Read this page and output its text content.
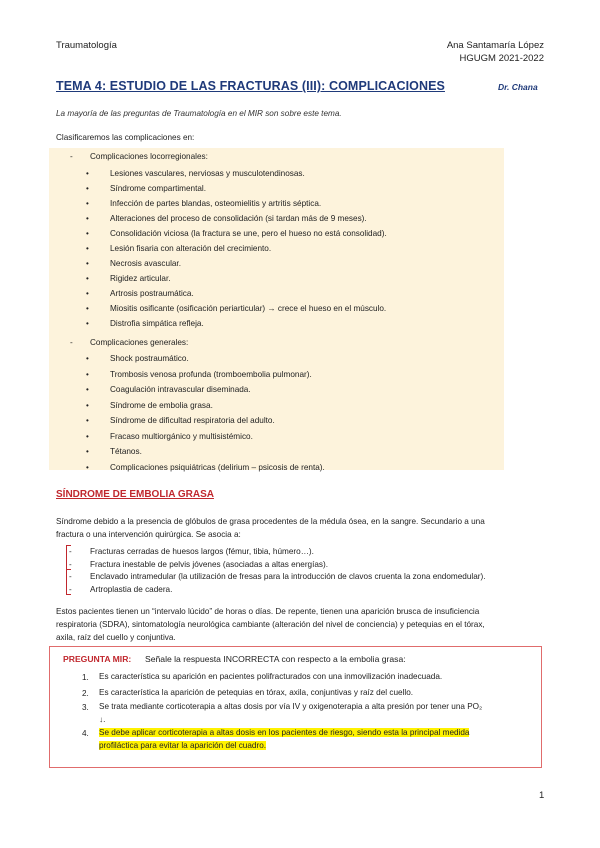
Traumatología	Ana Santamaría López
HGUGM 2021-2022
TEMA 4: ESTUDIO DE LAS FRACTURAS (III): COMPLICACIONES	Dr. Chana
La mayoría de las preguntas de Traumatología en el MIR son sobre este tema.
Clasificaremos las complicaciones en:
- Complicaciones locorregionales:
•	Lesiones vasculares, nerviosas y musculotendinosas.
•	Síndrome compartimental.
•	Infección de partes blandas, osteomielitis y artritis séptica.
•	Alteraciones del proceso de consolidación (si tardan más de 9 meses).
•	Consolidación viciosa (la fractura se une, pero el hueso no está consolidad).
•	Lesión fisaria con alteración del crecimiento.
•	Necrosis avascular.
•	Rigidez articular.
•	Artrosis postraumática.
•	Miositis osificante (osificación periarticular) → crece el hueso en el músculo.
•	Distrofia simpática refleja.
- Complicaciones generales:
•	Shock postraumático.
•	Trombosis venosa profunda (tromboembolia pulmonar).
•	Coagulación intravascular diseminada.
•	Síndrome de embolia grasa.
•	Síndrome de dificultad respiratoria del adulto.
•	Fracaso multiorgánico y multisistémico.
•	Tétanos.
•	Complicaciones psiquiátricas (delirium – psicosis de renta).
SÍNDROME DE EMBOLIA GRASA
Síndrome debido a la presencia de glóbulos de grasa procedentes de la médula ósea, en la sangre. Secundario a una
fractura o una intervención quirúrgica. Se asocia a:
- Fracturas cerradas de huesos largos (fémur, tibia, húmero…).
- Fractura inestable de pelvis jóvenes (asociadas a altas energías).
- Enclavado intramedular (la utilización de fresas para la introducción de clavos cruenta la zona endomedular).
- Artroplastia de cadera.
Estos pacientes tienen un “intervalo lúcido” de horas o días. De repente, tienen una aparición brusca de insuficiencia
respiratoria (SDRA), sintomatología neurológica cambiante (alteración del nivel de conciencia) y petequias en el tórax,
axila, raíz del cuello y conjuntiva.
PREGUNTA MIR: Señale la respuesta INCORRECTA con respecto a la embolia grasa:
1. Es característica su aparición en pacientes polifracturados con una inmovilización inadecuada.
2. Es característica la aparición de petequias en tórax, axila, conjuntivas y raíz del cuello.
3. Se trata mediante corticoterapia a altas dosis por vía IV y oxigenoterapia a alta presión por tener una PO₂
↓.
4. Se debe aplicar corticoterapia a altas dosis en los pacientes de riesgo, siendo esta la principal medida
profiláctica para evitar la aparición del cuadro.
1
